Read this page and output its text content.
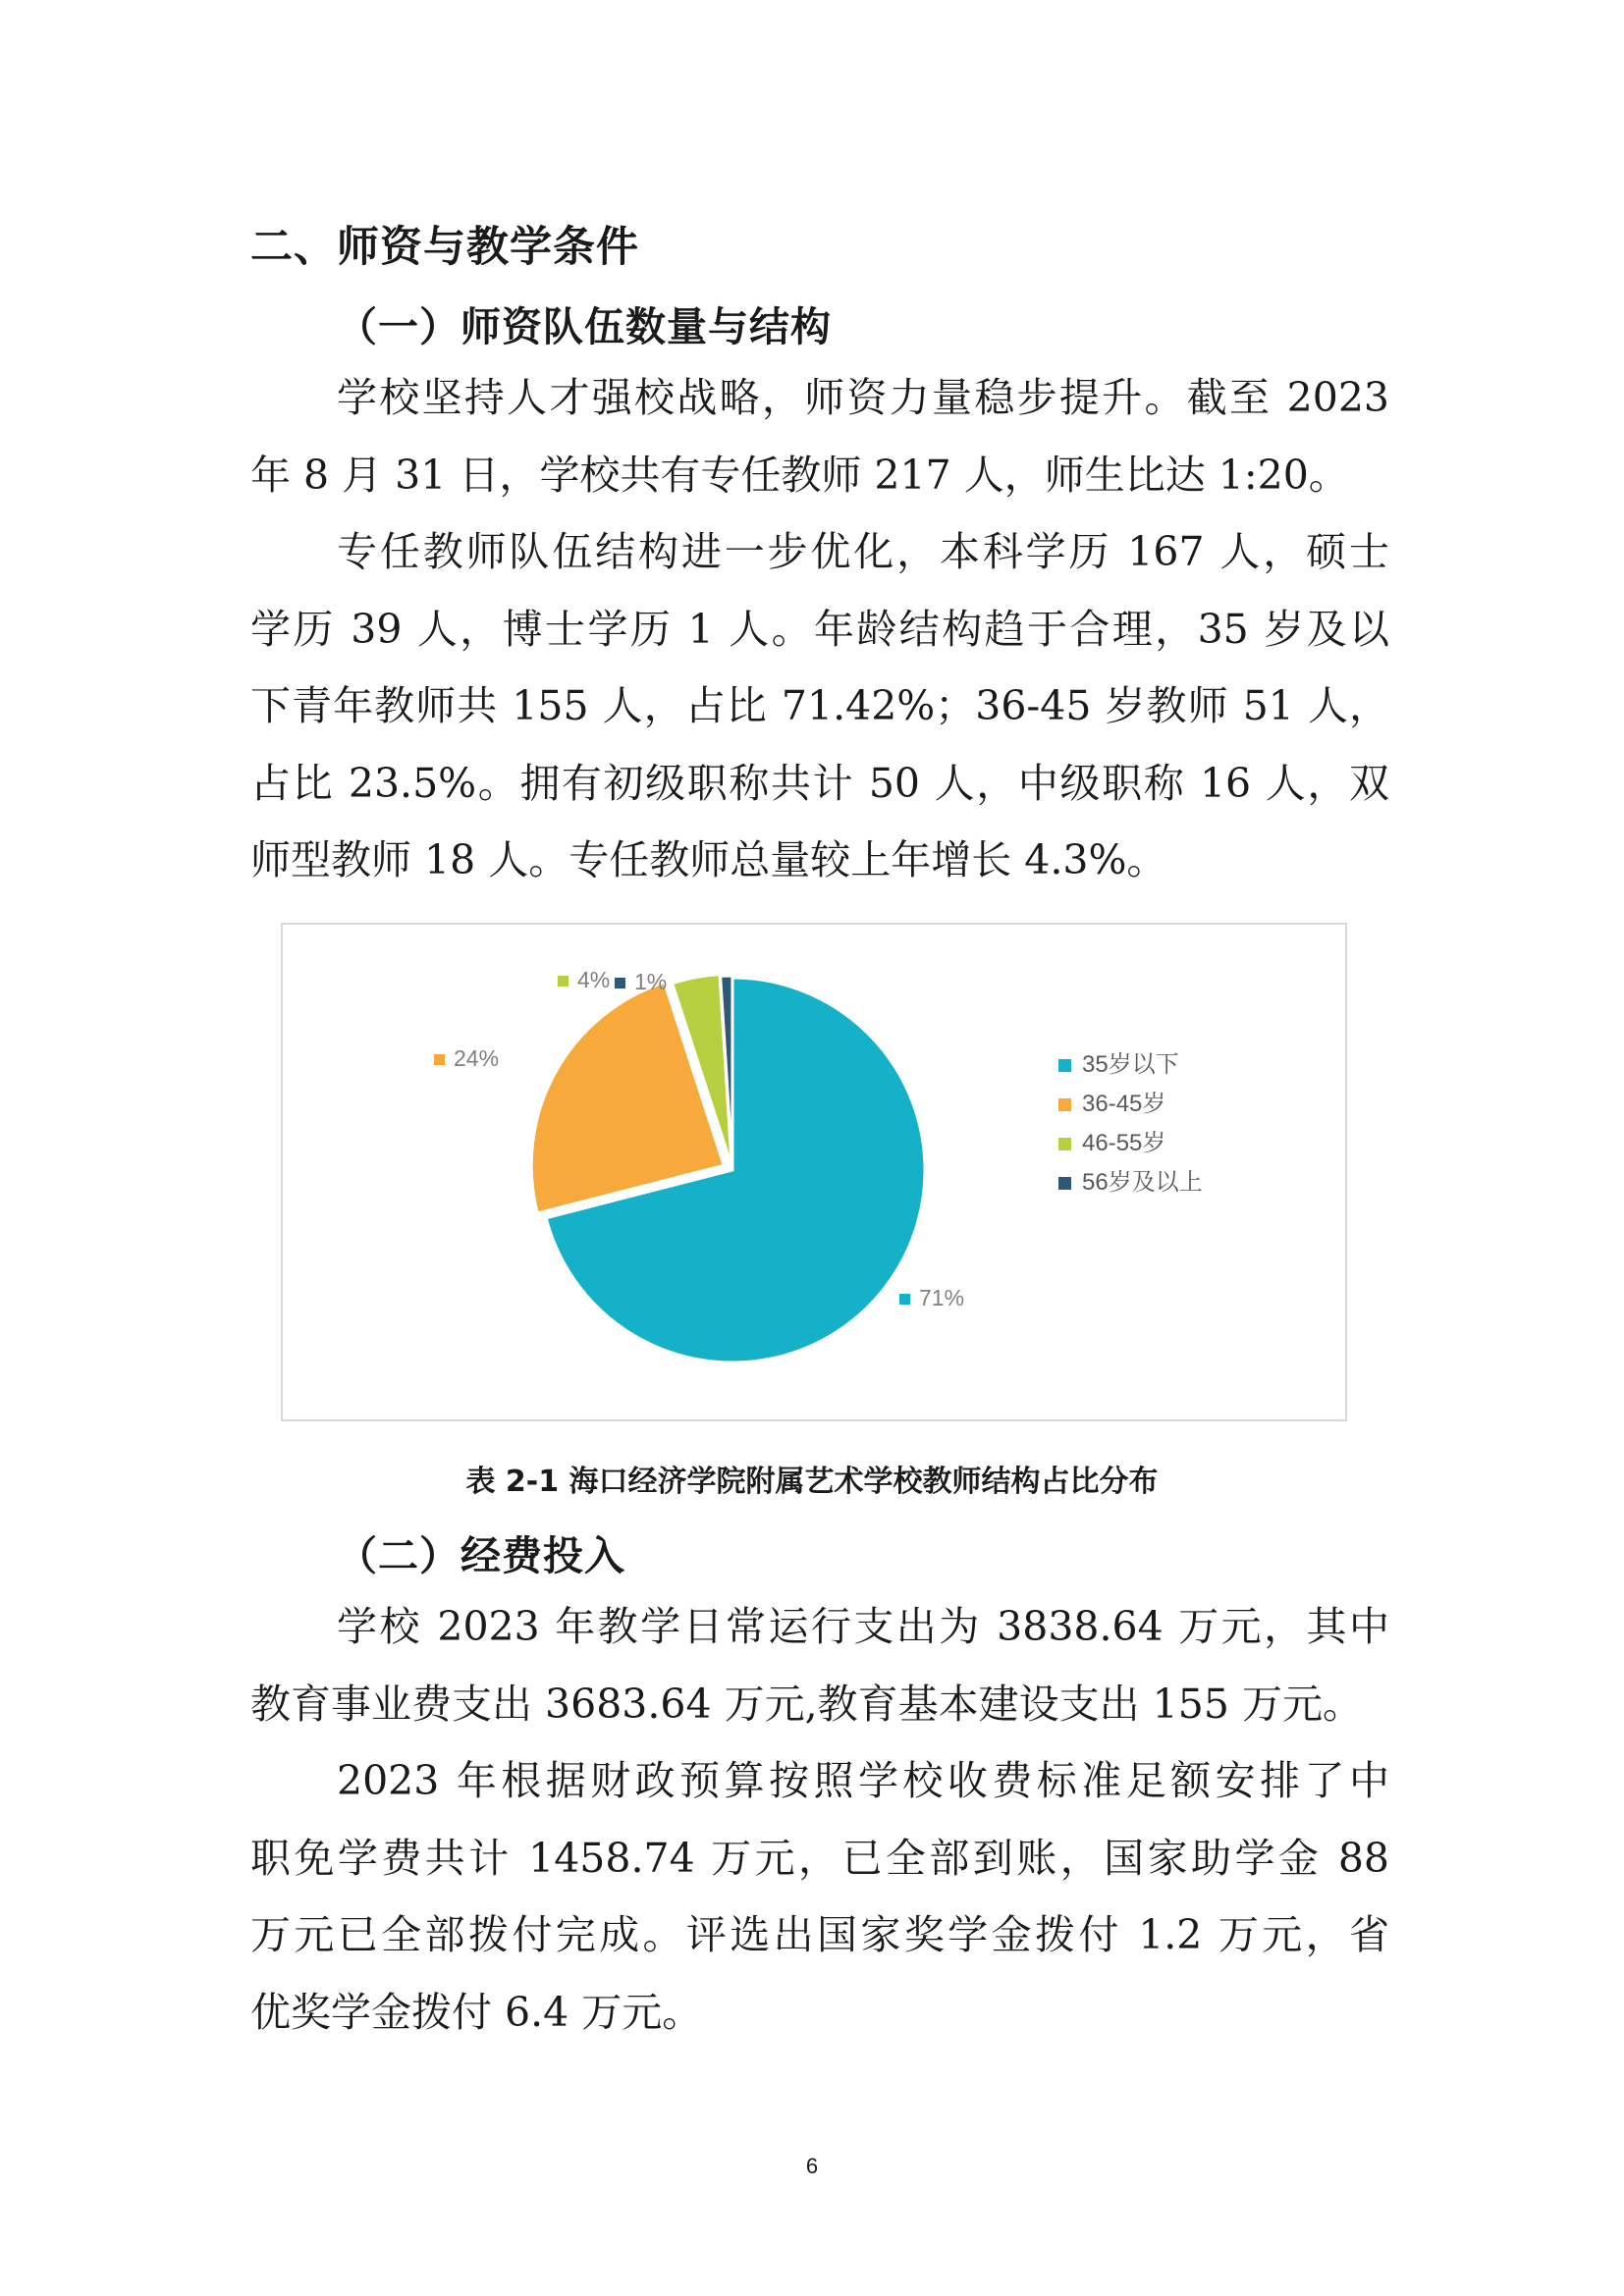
二、师资与教学条件
（一）师资队伍数量与结构
学校坚持人才强校战略，师资力量稳步提升。截至 2023
年 8 月 31 日，学校共有专任教师 217 人，师生比达 1:20。
专任教师队伍结构进一步优化，本科学历 167 人，硕士
学历 39 人，博士学历 1 人。年龄结构趋于合理，35 岁及以
下青年教师共 155 人，占比 71.42%；36-45 岁教师 51 人，
占比 23.5%。拥有初级职称共计 50 人，中级职称 16 人，双
师型教师 18 人。专任教师总量较上年增长 4.3%。
71%
24%
4% 1%
35岁以下
36-45岁
46-55岁
56岁及以上
表 2-1 海口经济学院附属艺术学校教师结构占比分布
（二）经费投入
学校 2023 年教学日常运行支出为 3838.64 万元，其中
教育事业费支出 3683.64 万元,教育基本建设支出 155 万元。
2023 年根据财政预算按照学校收费标准足额安排了中
职免学费共计 1458.74 万元，已全部到账，国家助学金 88
万元已全部拨付完成。评选出国家奖学金拨付 1.2 万元，省
优奖学金拨付 6.4 万元。
6
